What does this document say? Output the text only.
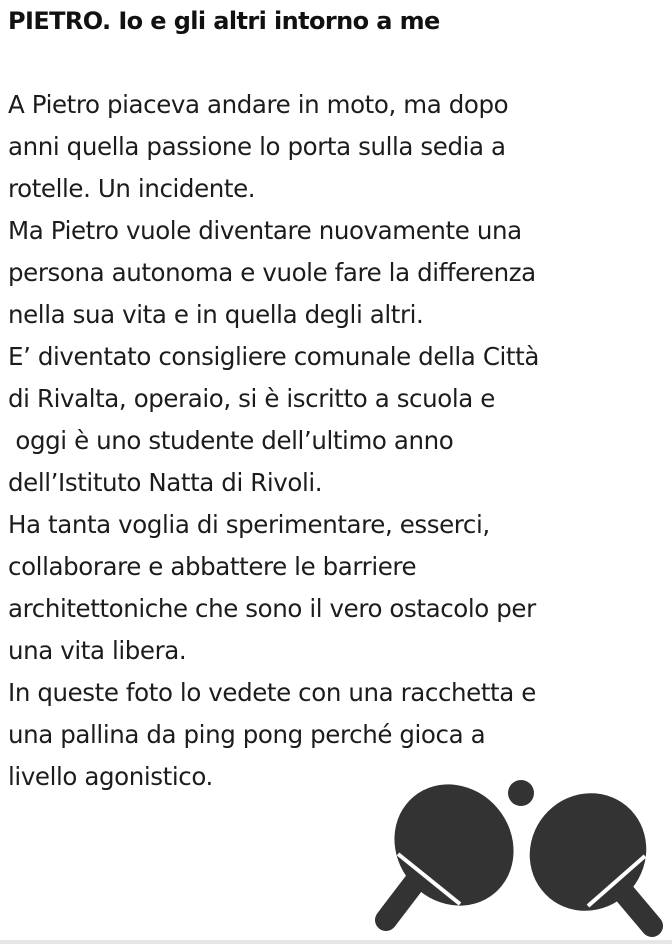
PIETRO. Io e gli altri intorno a me
A Pietro piaceva andare in moto, ma dopo
anni quella passione lo porta sulla sedia a
rotelle. Un incidente.
Ma Pietro vuole diventare nuovamente una
persona autonoma e vuole fare la differenza
nella sua vita e in quella degli altri.
E’ diventato consigliere comunale della Città
di Rivalta, operaio, si è iscritto a scuola e
oggi è uno studente dell’ultimo anno
dell’Istituto Natta di Rivoli.
Ha tanta voglia di sperimentare, esserci,
collaborare e abbattere le barriere
architettoniche che sono il vero ostacolo per
una vita libera.
In queste foto lo vedete con una racchetta e
una pallina da ping pong perché gioca a
livello agonistico.
